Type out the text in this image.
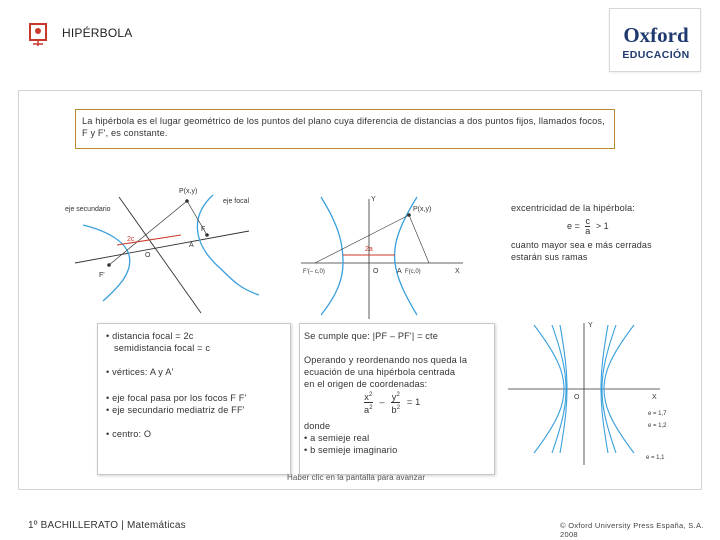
HIPÉRBOLA	Oxford
EDUCACIÓN
La hipérbola es el lugar geométrico de los puntos del plano cuya diferencia de distancias a dos puntos fijos, llamados focos, F y F', es constante.
P(x,y)
eje focal
eje secundario
2c
A
F
O
F'
Y
X
P(x,y)
2a
O	A
F'(– c,0)	F(c,0)
excentricidad de la hipérbola:
$e = \frac{c}{a} > 1$
cuanto mayor sea e más cerradas estarán sus ramas
• distancia focal = 2c
semidistancia focal = c
• vértices: A y A'
• eje focal pasa por los focos F F'
• eje secundario mediatriz de FF'
• centro: O
Se cumple que: |PF – PF'| = cte
Operando y reordenando nos queda la
ecuación de una hipérbola centrada
en el origen de coordenadas:
$\frac{x^2}{a^2} - \frac{y^2}{b^2} = 1$
donde
• a semieje real
• b semieje imaginario
Y
X
O
e = 1,7
e = 1,2
e = 1,1
Haber clic en la pantalla para avanzar
1º BACHILLERATO | Matemáticas	© Oxford University Press España, S.A. 2008
